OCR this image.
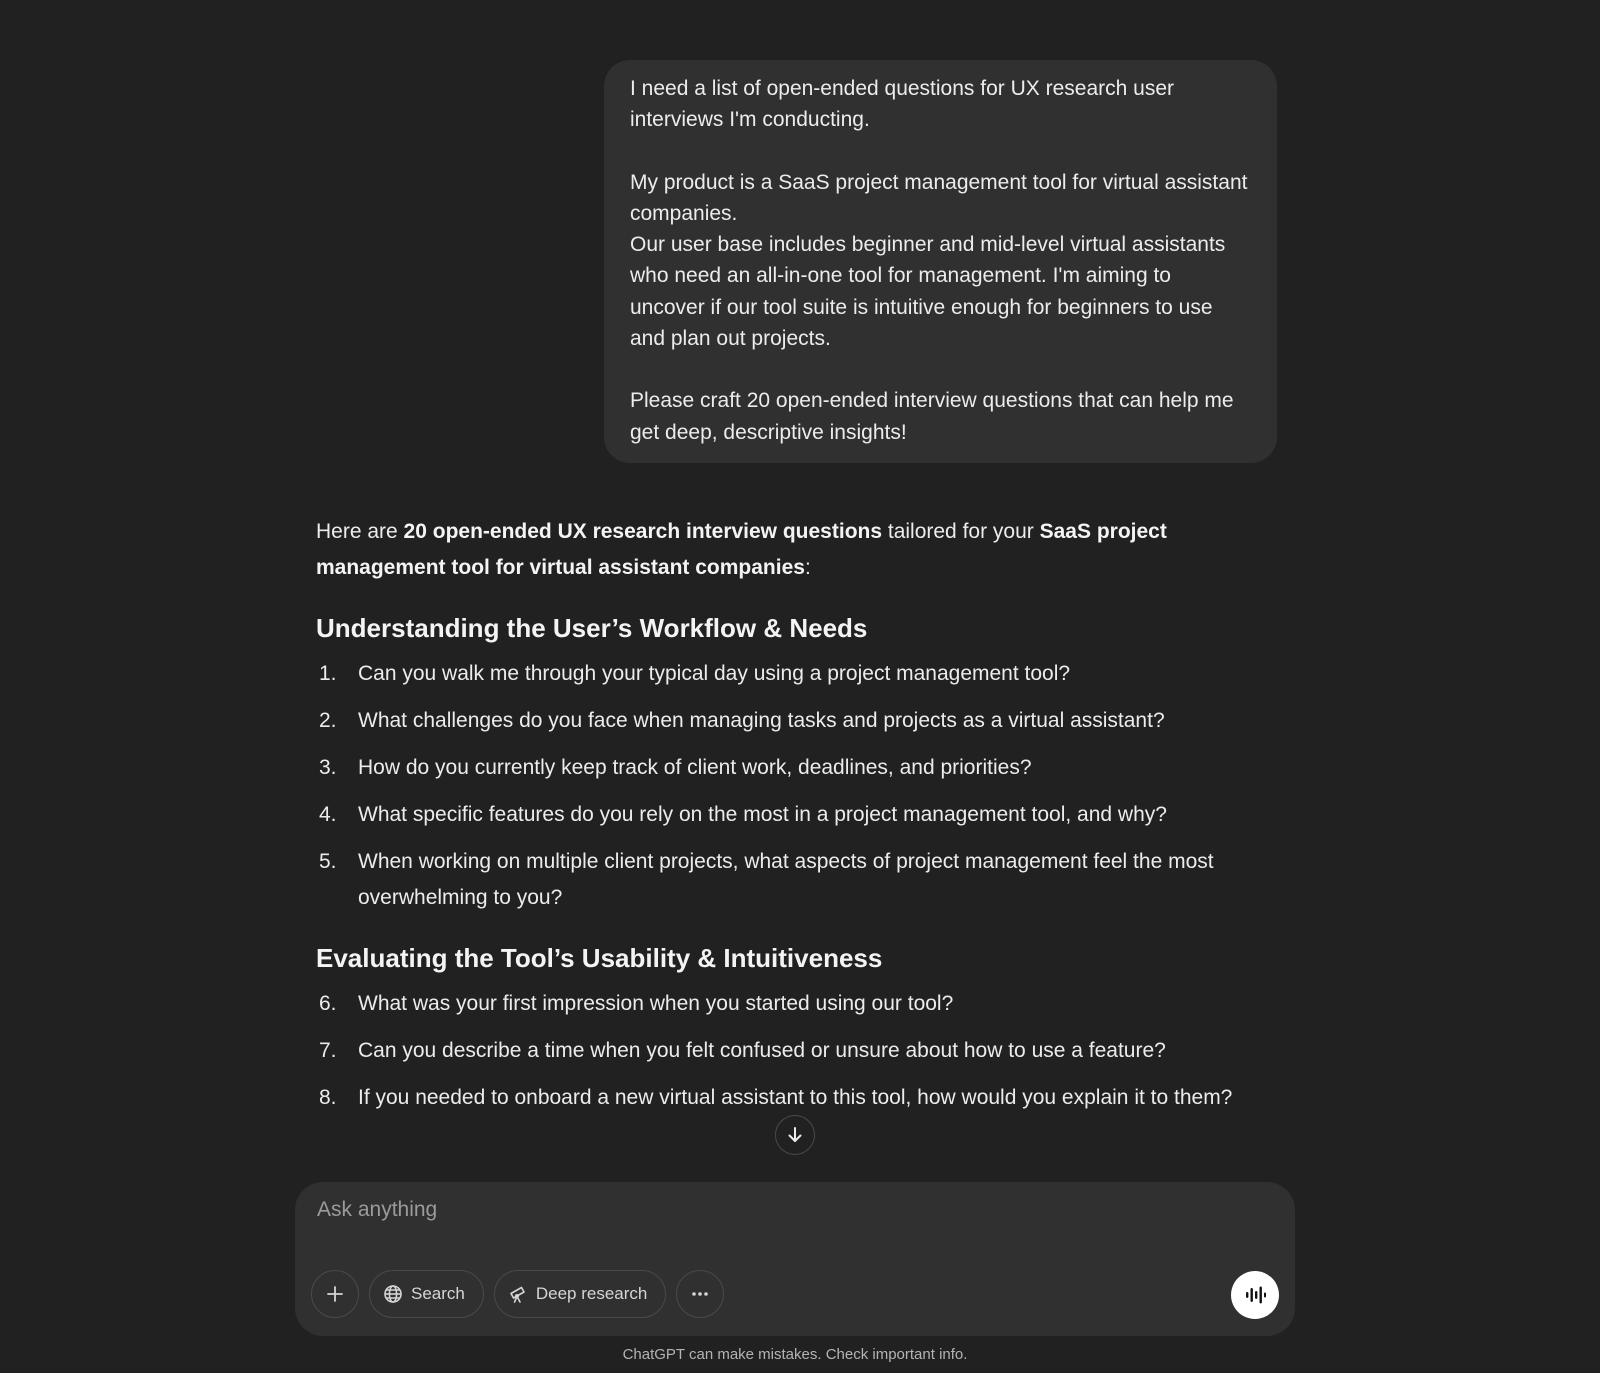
I need a list of open-ended questions for UX research user interviews I'm conducting.

My product is a SaaS project management tool for virtual assistant companies.
Our user base includes beginner and mid-level virtual assistants who need an all-in-one tool for management. I'm aiming to uncover if our tool suite is intuitive enough for beginners to use and plan out projects.

Please craft 20 open-ended interview questions that can help me get deep, descriptive insights!

Here are 20 open-ended UX research interview questions tailored for your SaaS project management tool for virtual assistant companies:

Understanding the User’s Workflow & Needs
1.	Can you walk me through your typical day using a project management tool?
2.	What challenges do you face when managing tasks and projects as a virtual assistant?
3.	How do you currently keep track of client work, deadlines, and priorities?
4.	What specific features do you rely on the most in a project management tool, and why?
5.	When working on multiple client projects, what aspects of project management feel the most overwhelming to you?
Evaluating the Tool’s Usability & Intuitiveness
6.	What was your first impression when you started using our tool?
7.	Can you describe a time when you felt confused or unsure about how to use a feature?
8.	If you needed to onboard a new virtual assistant to this tool, how would you explain it to them?
Ask anything
Search	Deep research
ChatGPT can make mistakes. Check important info.
